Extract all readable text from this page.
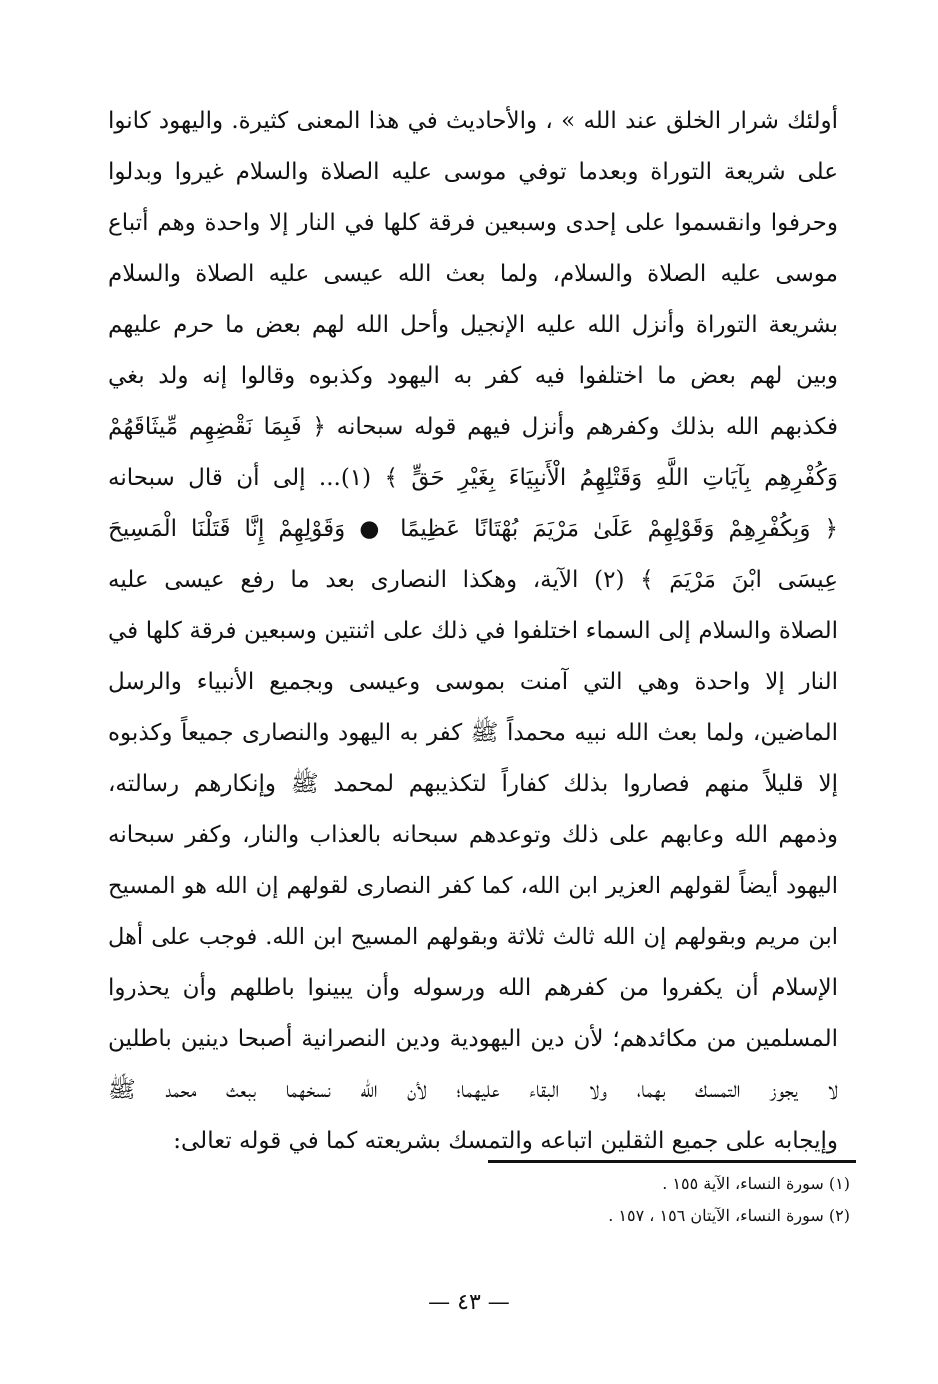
أولئك شرار الخلق عند الله » ، والأحاديث في هذا المعنى كثيرة. واليهود كانوا
على شريعة التوراة وبعدما توفي موسى عليه الصلاة والسلام غيروا وبدلوا
وحرفوا وانقسموا على إحدى وسبعين فرقة كلها في النار إلا واحدة وهم أتباع
موسى عليه الصلاة والسلام، ولما بعث الله عيسى عليه الصلاة والسلام
بشريعة التوراة وأنزل الله عليه الإنجيل وأحل الله لهم بعض ما حرم عليهم
وبين لهم بعض ما اختلفوا فيه كفر به اليهود وكذبوه وقالوا إنه ولد بغي
فكذبهم الله بذلك وكفرهم وأنزل فيهم قوله سبحانه ﴿ فَبِمَا نَقْضِهِم مِّيثَاقَهُمْ
وَكُفْرِهِم بِآيَاتِ اللَّهِ وَقَتْلِهِمُ الْأَنبِيَاءَ بِغَيْرِ حَقٍّ ﴾ (١)... إلى أن قال سبحانه
﴿ وَبِكُفْرِهِمْ وَقَوْلِهِمْ عَلَىٰ مَرْيَمَ بُهْتَانًا عَظِيمًا ● وَقَوْلِهِمْ إِنَّا قَتَلْنَا الْمَسِيحَ
عِيسَى ابْنَ مَرْيَمَ ﴾ (٢) الآية، وهكذا النصارى بعد ما رفع عيسى عليه
الصلاة والسلام إلى السماء اختلفوا في ذلك على اثنتين وسبعين فرقة كلها في
النار إلا واحدة وهي التي آمنت بموسى وعيسى وبجميع الأنبياء والرسل
الماضين، ولما بعث الله نبيه محمداً ﷺ كفر به اليهود والنصارى جميعاً وكذبوه
إلا قليلاً منهم فصاروا بذلك كفاراً لتكذيبهم لمحمد ﷺ وإنكارهم رسالته،
وذمهم الله وعابهم على ذلك وتوعدهم سبحانه بالعذاب والنار، وكفر سبحانه
اليهود أيضاً لقولهم العزير ابن الله، كما كفر النصارى لقولهم إن الله هو المسيح
ابن مريم وبقولهم إن الله ثالث ثلاثة وبقولهم المسيح ابن الله. فوجب على أهل
الإسلام أن يكفروا من كفرهم الله ورسوله وأن يبينوا باطلهم وأن يحذروا
المسلمين من مكائدهم؛ لأن دين اليهودية ودين النصرانية أصبحا دينين باطلين
لا يجوز التمسك بهما، ولا البقاء عليهما؛ لأن الله نسخهما ببعث محمد ﷺ
وإيجابه على جميع الثقلين اتباعه والتمسك بشريعته كما في قوله تعالى:
(١) سورة النساء، الآية ١٥٥ .
(٢) سورة النساء، الآيتان ١٥٦ ، ١٥٧ .
— ٤٣ —
